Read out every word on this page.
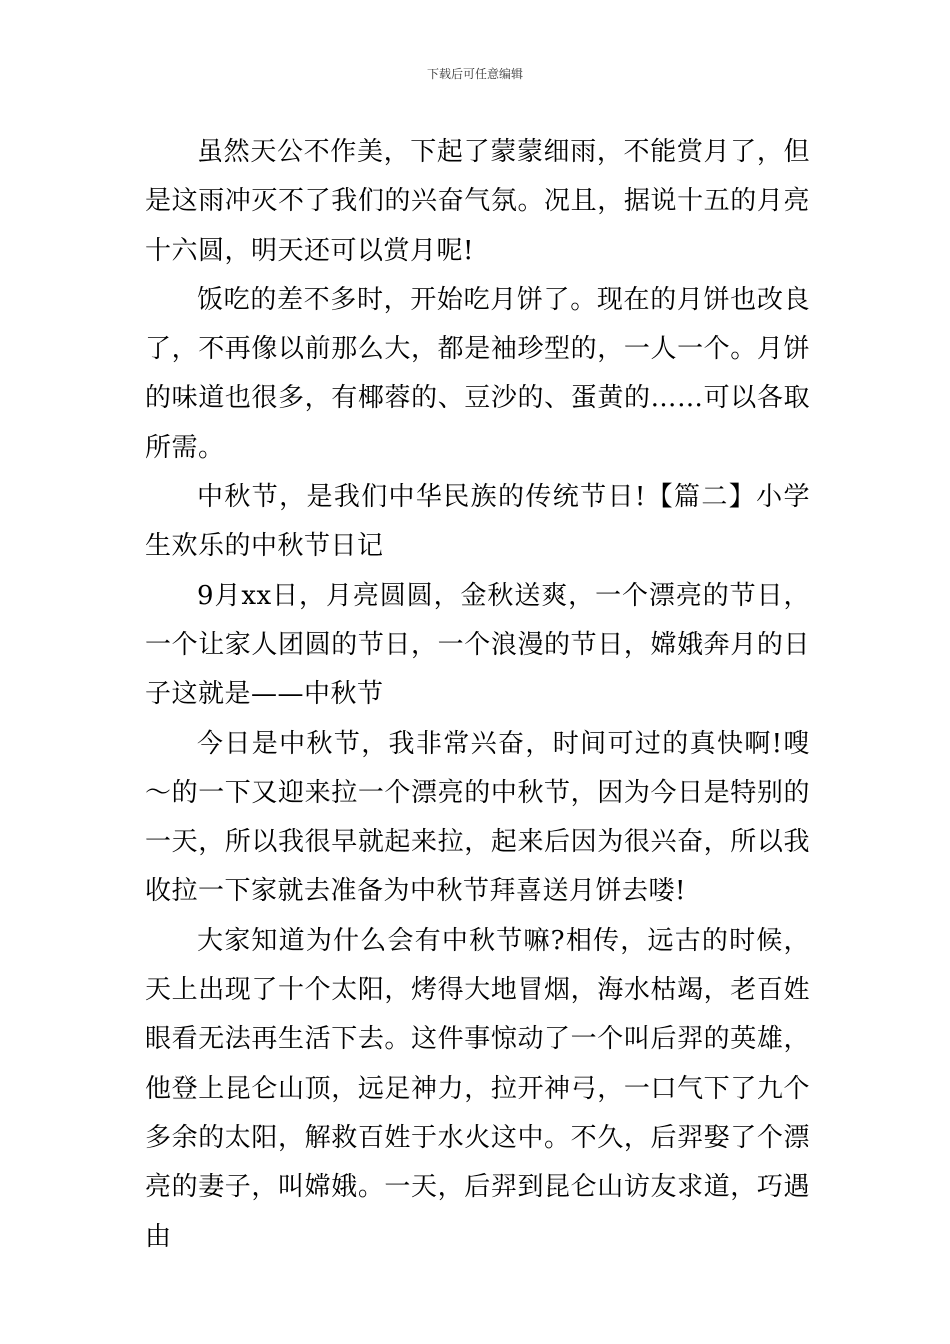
下载后可任意编辑

虽然天公不作美，下起了蒙蒙细雨，不能赏月了，但是这雨冲灭不了我们的兴奋气氛。况且，据说十五的月亮十六圆，明天还可以赏月呢!

饭吃的差不多时，开始吃月饼了。现在的月饼也改良了，不再像以前那么大，都是袖珍型的，一人一个。月饼的味道也很多，有椰蓉的、豆沙的、蛋黄的……可以各取所需。

中秋节，是我们中华民族的传统节日!【篇二】小学生欢乐的中秋节日记

9月xx日，月亮圆圆，金秋送爽，一个漂亮的节日，一个让家人团圆的节日，一个浪漫的节日，嫦娥奔月的日子这就是——中秋节

今日是中秋节，我非常兴奋，时间可过的真快啊!嗖～的一下又迎来拉一个漂亮的中秋节，因为今日是特别的一天，所以我很早就起来拉，起来后因为很兴奋，所以我收拉一下家就去准备为中秋节拜喜送月饼去喽!

大家知道为什么会有中秋节嘛?相传，远古的时候，天上出现了十个太阳，烤得大地冒烟，海水枯竭，老百姓眼看无法再生活下去。这件事惊动了一个叫后羿的英雄，他登上昆仑山顶，远足神力，拉开神弓，一口气下了九个多余的太阳，解救百姓于水火这中。不久，后羿娶了个漂亮的妻子，叫嫦娥。一天，后羿到昆仑山访友求道，巧遇由
